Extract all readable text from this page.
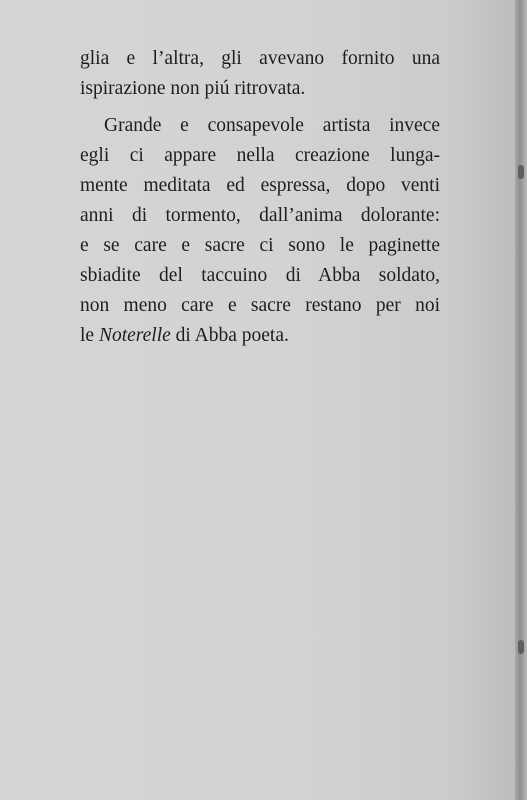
glia e l’altra, gli avevano fornito una
ispirazione non piú ritrovata.
Grande e consapevole artista invece
egli ci appare nella creazione lunga-
mente meditata ed espressa, dopo venti
anni di tormento, dall’anima dolorante:
e se care e sacre ci sono le paginette
sbiadite del taccuino di Abba soldato,
non meno care e sacre restano per noi
le Noterelle di Abba poeta.
